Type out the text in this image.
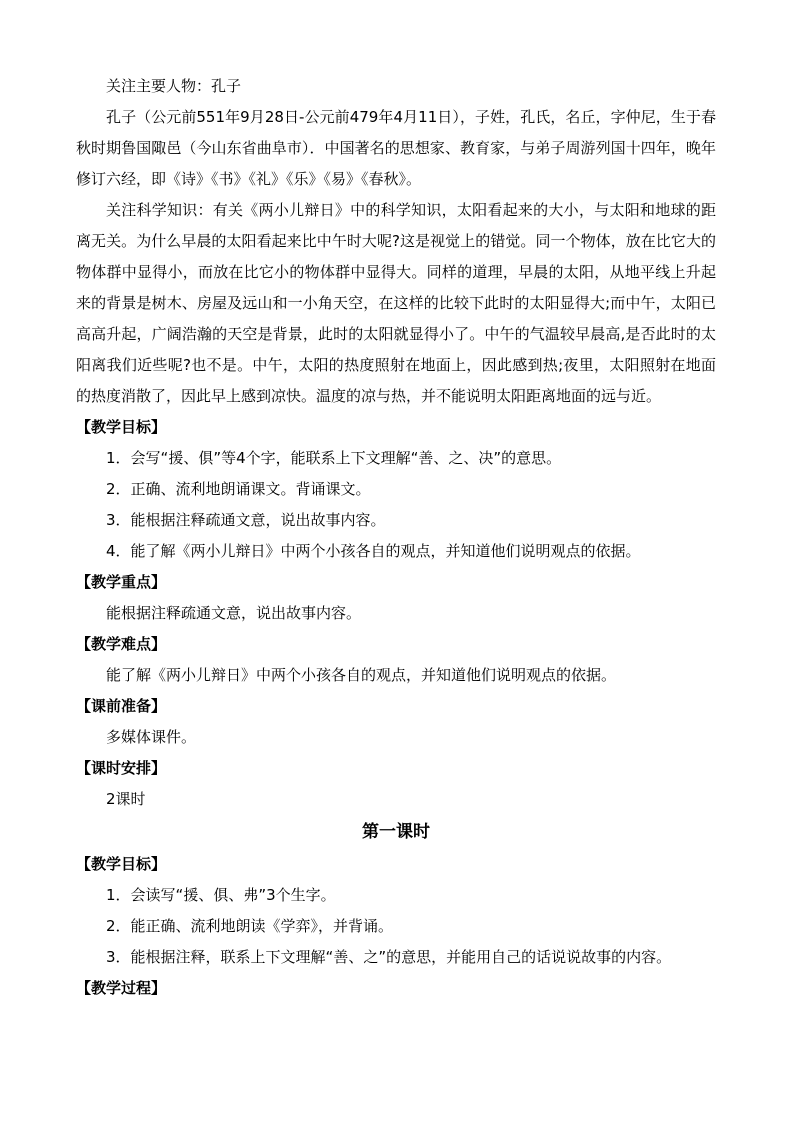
关注主要人物：孔子

孔子（公元前551年9月28日-公元前479年4月11日），子姓，孔氏，名丘，字仲尼，生于春秋时期鲁国陬邑（今山东省曲阜市）．中国著名的思想家、教育家，与弟子周游列国十四年，晚年修订六经，即《诗》《书》《礼》《乐》《易》《春秋》。

关注科学知识：有关《两小儿辩日》中的科学知识，太阳看起来的大小，与太阳和地球的距离无关。为什么早晨的太阳看起来比中午时大呢?这是视觉上的错觉。同一个物体，放在比它大的物体群中显得小，而放在比它小的物体群中显得大。同样的道理，早晨的太阳，从地平线上升起来的背景是树木、房屋及远山和一小角天空，在这样的比较下此时的太阳显得大;而中午，太阳已高高升起，广阔浩瀚的天空是背景，此时的太阳就显得小了。中午的气温较早晨高,是否此时的太阳离我们近些呢?也不是。中午，太阳的热度照射在地面上，因此感到热;夜里，太阳照射在地面的热度消散了，因此早上感到凉快。温度的凉与热，并不能说明太阳距离地面的远与近。

【教学目标】

1．会写“援、俱”等4个字，能联系上下文理解“善、之、决”的意思。

2．正确、流利地朗诵课文。背诵课文。

3．能根据注释疏通文意，说出故事内容。

4．能了解《两小儿辩日》中两个小孩各自的观点，并知道他们说明观点的依据。

【教学重点】

能根据注释疏通文意，说出故事内容。

【教学难点】

能了解《两小儿辩日》中两个小孩各自的观点，并知道他们说明观点的依据。

【课前准备】

多媒体课件。

【课时安排】

2课时

第一课时

【教学目标】

1．会读写“援、俱、弗”3个生字。

2．能正确、流利地朗读《学弈》，并背诵。

3．能根据注释，联系上下文理解“善、之”的意思，并能用自己的话说说故事的内容。

【教学过程】
